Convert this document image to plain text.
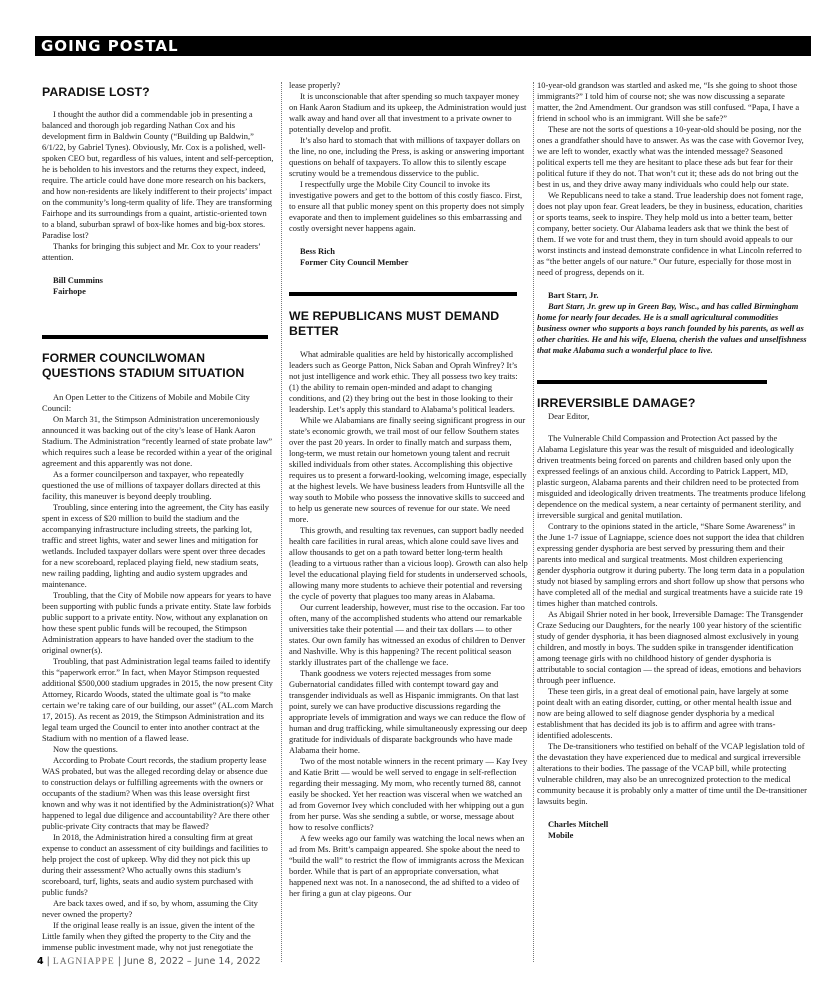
GOING POSTAL
PARADISE LOST?

I thought the author did a commendable job in presenting a balanced and thorough job regarding Nathan Cox and his development firm in Baldwin County (“Building up Baldwin,” 6/1/22, by Gabriel Tynes). Obviously, Mr. Cox is a polished, well-spoken CEO but, regardless of his values, intent and self-perception, he is beholden to his investors and the returns they expect, indeed, require. The article could have done more research on his backers, and how non-residents are likely indifferent to their projects’ impact on the community’s long-term quality of life. They are transforming Fairhope and its surroundings from a quaint, artistic-oriented town to a bland, suburban sprawl of box-like homes and big-box stores. Paradise lost?

Thanks for bringing this subject and Mr. Cox to your readers’ attention.

Bill Cummins
Fairhope
FORMER COUNCILWOMAN QUESTIONS STADIUM SITUATION

An Open Letter to the Citizens of Mobile and Mobile City Council:

On March 31, the Stimpson Administration unceremoniously announced it was backing out of the city’s lease of Hank Aaron Stadium. The Administration “recently learned of state probate law” which requires such a lease be recorded within a year of the original agreement and this apparently was not done.

As a former councilperson and taxpayer, who repeatedly questioned the use of millions of taxpayer dollars directed at this facility, this maneuver is beyond deeply troubling.

Troubling, since entering into the agreement, the City has easily spent in excess of $20 million to build the stadium and the accompanying infrastructure including streets, the parking lot, traffic and street lights, water and sewer lines and mitigation for wetlands. Included taxpayer dollars were spent over three decades for a new scoreboard, replaced playing field, new stadium seats, new railing padding, lighting and audio system upgrades and maintenance.

Troubling, that the City of Mobile now appears for years to have been supporting with public funds a private entity. State law forbids public support to a private entity. Now, without any explanation on how these spent public funds will be recouped, the Stimpson Administration appears to have handed over the stadium to the original owner(s).

Troubling, that past Administration legal teams failed to identify this “paperwork error.” In fact, when Mayor Stimpson requested additional $500,000 stadium upgrades in 2015, the now present City Attorney, Ricardo Woods, stated the ultimate goal is “to make certain we’re taking care of our building, our asset” (AL.com March 17, 2015). As recent as 2019, the Stimpson Administration and its legal team urged the Council to enter into another contract at the Stadium with no mention of a flawed lease.

Now the questions.

According to Probate Court records, the stadium property lease WAS probated, but was the alleged recording delay or absence due to construction delays or fulfilling agreements with the owners or occupants of the stadium? When was this lease oversight first known and why was it not identified by the Administration(s)? What happened to legal due diligence and accountability? Are there other public-private City contracts that may be flawed?

In 2018, the Administration hired a consulting firm at great expense to conduct an assessment of city buildings and facilities to help project the cost of upkeep. Why did they not pick this up during their assessment? Who actually owns this stadium’s scoreboard, turf, lights, seats and audio system purchased with public funds?

Are back taxes owed, and if so, by whom, assuming the City never owned the property?

If the original lease really is an issue, given the intent of the Little family when they gifted the property to the City and the immense public investment made, why not just renegotiate the

lease properly?

It is unconscionable that after spending so much taxpayer money on Hank Aaron Stadium and its upkeep, the Administration would just walk away and hand over all that investment to a private owner to potentially develop and profit.

It’s also hard to stomach that with millions of taxpayer dollars on the line, no one, including the Press, is asking or answering important questions on behalf of taxpayers. To allow this to silently escape scrutiny would be a tremendous disservice to the public.

I respectfully urge the Mobile City Council to invoke its investigative powers and get to the bottom of this costly fiasco. First, to ensure all that public money spent on this property does not simply evaporate and then to implement guidelines so this embarrassing and costly oversight never happens again.

Bess Rich
Former City Council Member
WE REPUBLICANS MUST DEMAND BETTER

What admirable qualities are held by historically accomplished leaders such as George Patton, Nick Saban and Oprah Winfrey? It’s not just intelligence and work ethic. They all possess two key traits: (1) the ability to remain open-minded and adapt to changing conditions, and (2) they bring out the best in those looking to their leadership. Let’s apply this standard to Alabama’s political leaders.

While we Alabamians are finally seeing significant progress in our state’s economic growth, we trail most of our fellow Southern states over the past 20 years. In order to finally match and surpass them, long-term, we must retain our hometown young talent and recruit skilled individuals from other states. Accomplishing this objective requires us to present a forward-looking, welcoming image, especially at the highest levels. We have business leaders from Huntsville all the way south to Mobile who possess the innovative skills to succeed and to help us generate new sources of revenue for our state. We need more.

This growth, and resulting tax revenues, can support badly needed health care facilities in rural areas, which alone could save lives and allow thousands to get on a path toward better long-term health (leading to a virtuous rather than a vicious loop). Growth can also help level the educational playing field for students in underserved schools, allowing many more students to achieve their potential and reversing the cycle of poverty that plagues too many areas in Alabama.

Our current leadership, however, must rise to the occasion. Far too often, many of the accomplished students who attend our remarkable universities take their potential — and their tax dollars — to other states. Our own family has witnessed an exodus of children to Denver and Nashville. Why is this happening? The recent political season starkly illustrates part of the challenge we face.

Thank goodness we voters rejected messages from some Gubernatorial candidates filled with contempt toward gay and transgender individuals as well as Hispanic immigrants. On that last point, surely we can have productive discussions regarding the appropriate levels of immigration and ways we can reduce the flow of human and drug trafficking, while simultaneously expressing our deep gratitude for individuals of disparate backgrounds who have made Alabama their home.

Two of the most notable winners in the recent primary — Kay Ivey and Katie Britt — would be well served to engage in self-reflection regarding their messaging. My mom, who recently turned 88, cannot easily be shocked. Yet her reaction was visceral when we watched an ad from Governor Ivey which concluded with her whipping out a gun from her purse. Was she sending a subtle, or worse, message about how to resolve conflicts?

A few weeks ago our family was watching the local news when an ad from Ms. Britt’s campaign appeared. She spoke about the need to “build the wall” to restrict the flow of immigrants across the Mexican border. While that is part of an appropriate conversation, what happened next was not. In a nanosecond, the ad shifted to a video of her firing a gun at clay pigeons. Our

10-year-old grandson was startled and asked me, “Is she going to shoot those immigrants?” I told him of course not; she was now discussing a separate matter, the 2nd Amendment. Our grandson was still confused. “Papa, I have a friend in school who is an immigrant. Will she be safe?”

These are not the sorts of questions a 10-year-old should be posing, nor the ones a grandfather should have to answer. As was the case with Governor Ivey, we are left to wonder, exactly what was the intended message? Seasoned political experts tell me they are hesitant to place these ads but fear for their political future if they do not. That won’t cut it; these ads do not bring out the best in us, and they drive away many individuals who could help our state.

We Republicans need to take a stand. True leadership does not foment rage, does not play upon fear. Great leaders, be they in business, education, charities or sports teams, seek to inspire. They help mold us into a better team, better company, better society. Our Alabama leaders ask that we think the best of them. If we vote for and trust them, they in turn should avoid appeals to our worst instincts and instead demonstrate confidence in what Lincoln referred to as “the better angels of our nature.” Our future, especially for those most in need of progress, depends on it.

Bart Starr, Jr.

Bart Starr, Jr. grew up in Green Bay, Wisc., and has called Birmingham home for nearly four decades. He is a small agricultural commodities business owner who supports a boys ranch founded by his parents, as well as other charities. He and his wife, Elaena, cherish the values and unselfishness that make Alabama such a wonderful place to live.

IRREVERSIBLE DAMAGE?

Dear Editor,

The Vulnerable Child Compassion and Protection Act passed by the Alabama Legislature this year was the result of misguided and ideologically driven treatments being forced on parents and children based only upon the expressed feelings of an anxious child. According to Patrick Lappert, MD, plastic surgeon, Alabama parents and their children need to be protected from misguided and ideologically driven treatments. The treatments produce lifelong dependence on the medical system, a near certainty of permanent sterility, and irreversible surgical and genital mutilation.

Contrary to the opinions stated in the article, “Share Some Awareness” in the June 1-7 issue of Lagniappe, science does not support the idea that children expressing gender dysphoria are best served by pressuring them and their parents into medical and surgical treatments. Most children experiencing gender dysphoria outgrow it during puberty. The long term data in a population study not biased by sampling errors and short follow up show that persons who have completed all of the medial and surgical treatments have a suicide rate 19 times higher than matched controls.

As Abigail Shrier noted in her book, Irreversible Damage: The Transgender Craze Seducing our Daughters, for the nearly 100 year history of the scientific study of gender dysphoria, it has been diagnosed almost exclusively in young children, and mostly in boys. The sudden spike in transgender identification among teenage girls with no childhood history of gender dysphoria is attributable to social contagion — the spread of ideas, emotions and behaviors through peer influence.

These teen girls, in a great deal of emotional pain, have largely at some point dealt with an eating disorder, cutting, or other mental health issue and now are being allowed to self diagnose gender dysphoria by a medical establishment that has decided its job is to affirm and agree with trans-identified adolescents.

The De-transitioners who testified on behalf of the VCAP legislation told of the devastation they have experienced due to medical and surgical irreversible alterations to their bodies. The passage of the VCAP bill, while protecting vulnerable children, may also be an unrecognized protection to the medical community because it is probably only a matter of time until the De-transitioner lawsuits begin.

Charles Mitchell
Mobile
4 | LAGNIAPPE | June 8, 2022 – June 14, 2022
